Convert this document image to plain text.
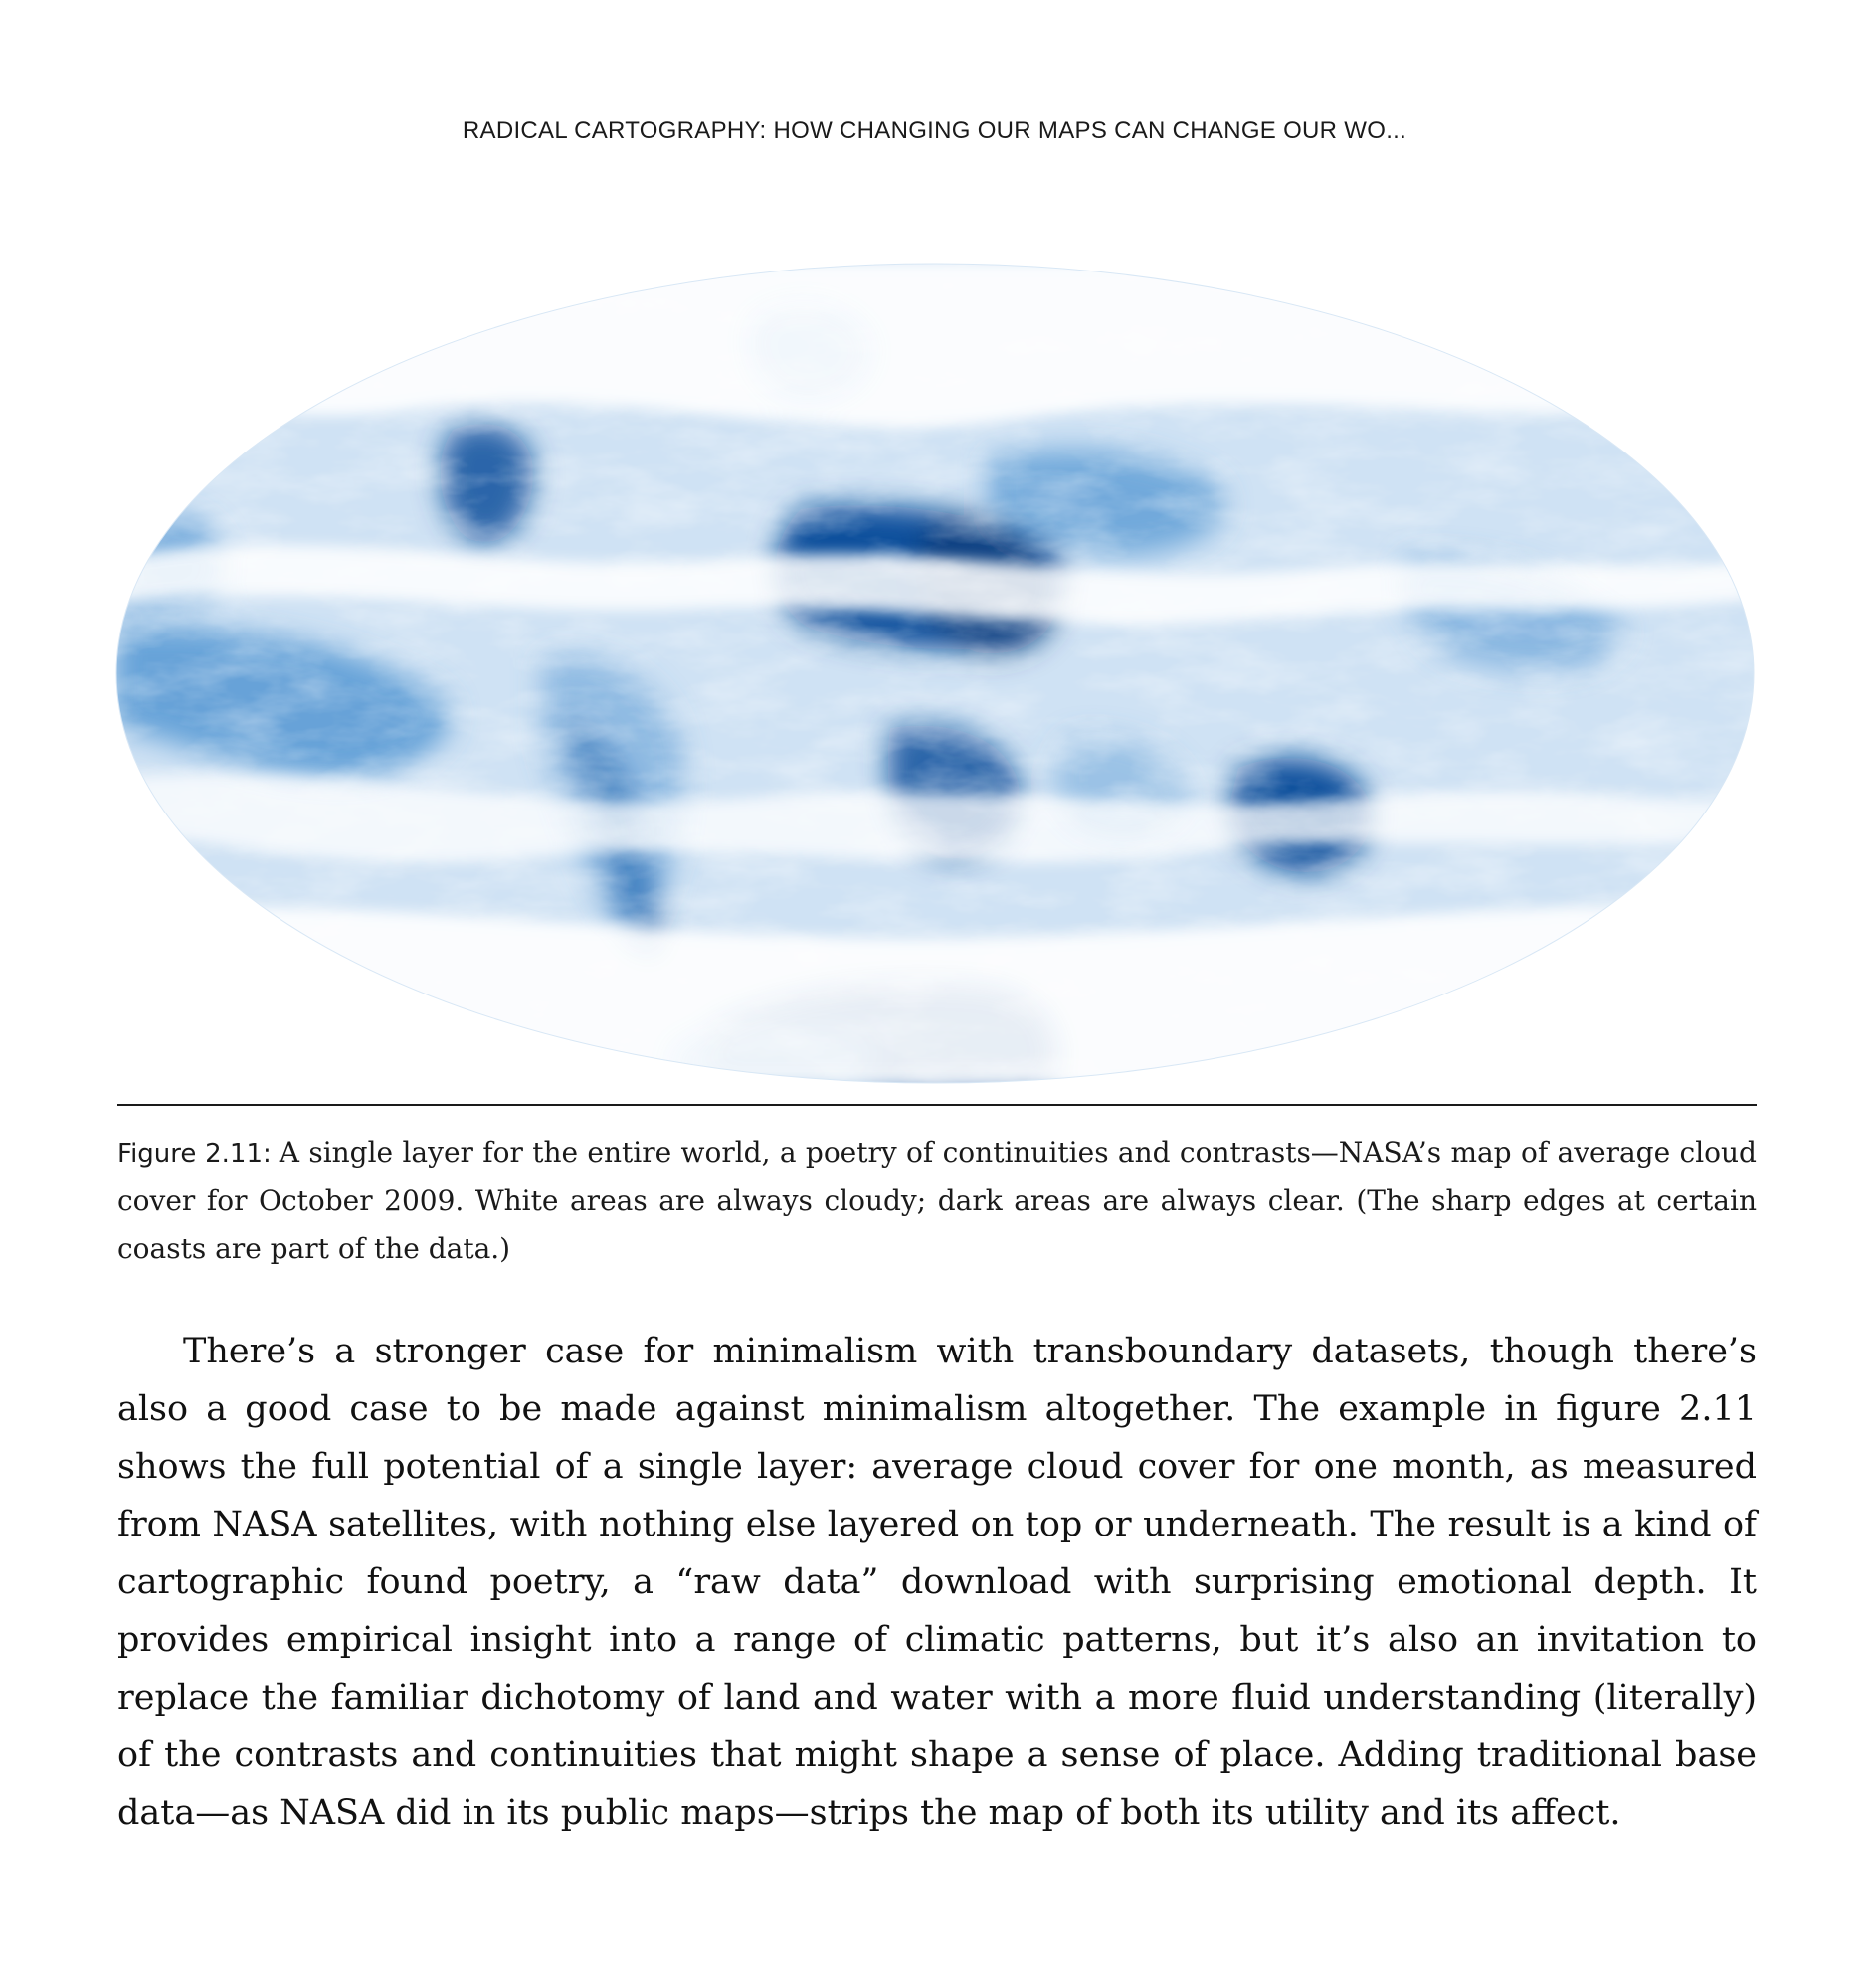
RADICAL CARTOGRAPHY: HOW CHANGING OUR MAPS CAN CHANGE OUR WO...
Figure 2.11: A single layer for the entire world, a poetry of continuities and contrasts—NASA’s map of average cloud cover for October 2009. White areas are always cloudy; dark areas are always clear. (The sharp edges at certain coasts are part of the data.)

There’s a stronger case for minimalism with transboundary datasets, though there’s also a good case to be made against minimalism altogether. The example in figure 2.11 shows the full potential of a single layer: average cloud cover for one month, as measured from NASA satellites, with nothing else layered on top or underneath. The result is a kind of cartographic found poetry, a “raw data” download with surprising emotional depth. It provides empirical insight into a range of climatic patterns, but it’s also an invitation to replace the familiar dichotomy of land and water with a more fluid understanding (literally) of the contrasts and continuities that might shape a sense of place. Adding traditional base data—as NASA did in its public maps—strips the map of both its utility and its affect.
